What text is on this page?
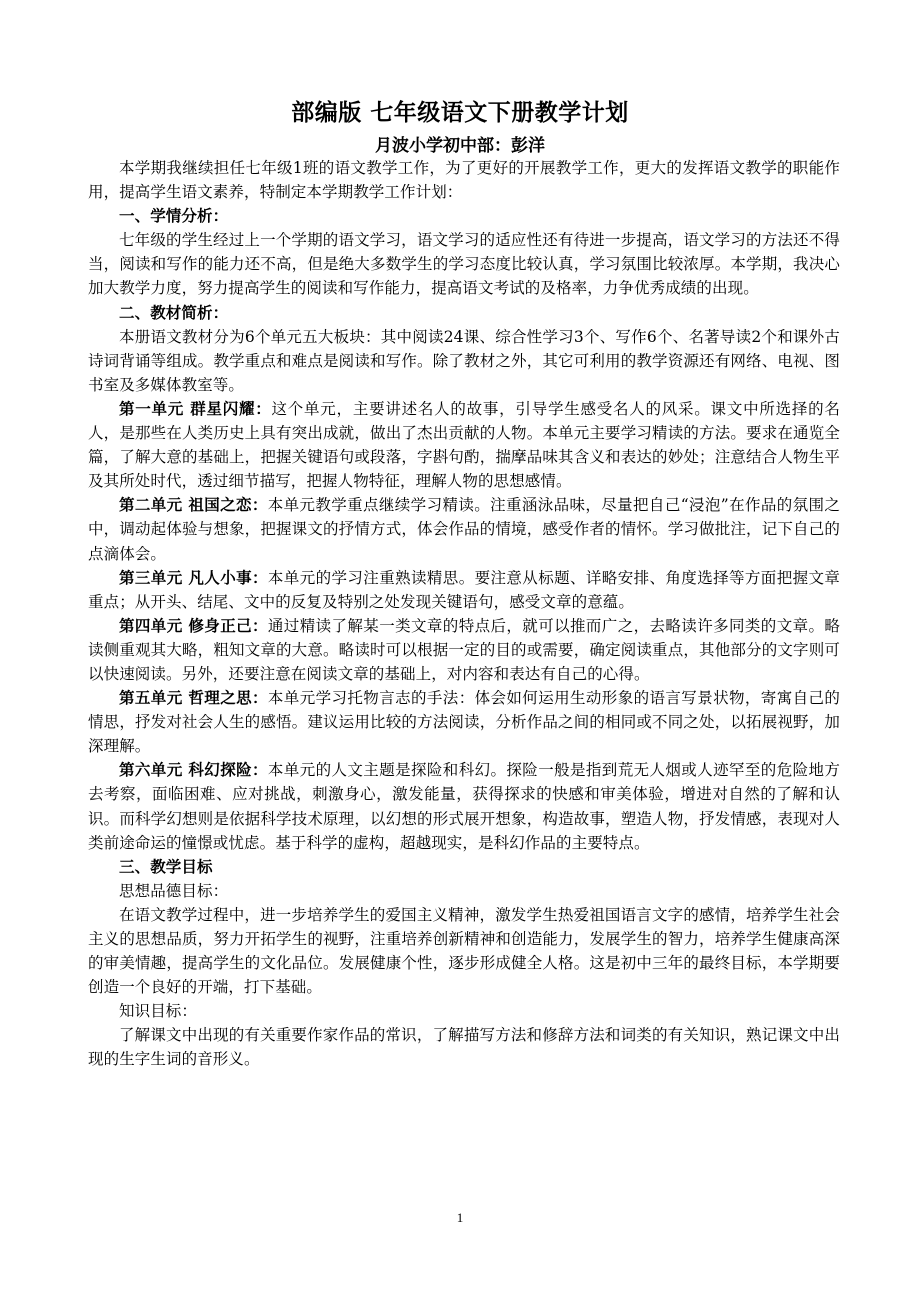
部编版 七年级语文下册教学计划
月波小学初中部：彭洋

本学期我继续担任七年级1班的语文教学工作，为了更好的开展教学工作，更大的发挥语文教学的职能作用，提高学生语文素养，特制定本学期教学工作计划：

一、学情分析：

七年级的学生经过上一个学期的语文学习，语文学习的适应性还有待进一步提高，语文学习的方法还不得当，阅读和写作的能力还不高，但是绝大多数学生的学习态度比较认真，学习氛围比较浓厚。本学期，我决心加大教学力度，努力提高学生的阅读和写作能力，提高语文考试的及格率，力争优秀成绩的出现。

二、教材简析：

本册语文教材分为6个单元五大板块：其中阅读24课、综合性学习3个、写作6个、名著导读2个和课外古诗词背诵等组成。教学重点和难点是阅读和写作。除了教材之外，其它可利用的教学资源还有网络、电视、图书室及多媒体教室等。

第一单元 群星闪耀：这个单元，主要讲述名人的故事，引导学生感受名人的风采。课文中所选择的名人，是那些在人类历史上具有突出成就，做出了杰出贡献的人物。本单元主要学习精读的方法。要求在通览全篇，了解大意的基础上，把握关键语句或段落，字斟句酌，揣摩品味其含义和表达的妙处；注意结合人物生平及其所处时代，透过细节描写，把握人物特征，理解人物的思想感情。

第二单元 祖国之恋：本单元教学重点继续学习精读。注重涵泳品味，尽量把自己“浸泡”在作品的氛围之中，调动起体验与想象，把握课文的抒情方式，体会作品的情境，感受作者的情怀。学习做批注，记下自己的点滴体会。

第三单元 凡人小事：本单元的学习注重熟读精思。要注意从标题、详略安排、角度选择等方面把握文章重点；从开头、结尾、文中的反复及特别之处发现关键语句，感受文章的意蕴。

第四单元 修身正己：通过精读了解某一类文章的特点后，就可以推而广之，去略读许多同类的文章。略读侧重观其大略，粗知文章的大意。略读时可以根据一定的目的或需要，确定阅读重点，其他部分的文字则可以快速阅读。另外，还要注意在阅读文章的基础上，对内容和表达有自己的心得。

第五单元 哲理之思：本单元学习托物言志的手法：体会如何运用生动形象的语言写景状物，寄寓自己的情思，抒发对社会人生的感悟。建议运用比较的方法阅读，分析作品之间的相同或不同之处，以拓展视野，加深理解。

第六单元 科幻探险：本单元的人文主题是探险和科幻。探险一般是指到荒无人烟或人迹罕至的危险地方去考察，面临困难、应对挑战，刺激身心，激发能量，获得探求的快感和审美体验，增进对自然的了解和认识。而科学幻想则是依据科学技术原理，以幻想的形式展开想象，构造故事，塑造人物，抒发情感，表现对人类前途命运的憧憬或忧虑。基于科学的虚构，超越现实，是科幻作品的主要特点。

三、教学目标

思想品德目标：

在语文教学过程中，进一步培养学生的爱国主义精神，激发学生热爱祖国语言文字的感情，培养学生社会主义的思想品质，努力开拓学生的视野，注重培养创新精神和创造能力，发展学生的智力，培养学生健康高深的审美情趣，提高学生的文化品位。发展健康个性，逐步形成健全人格。这是初中三年的最终目标，本学期要创造一个良好的开端，打下基础。

知识目标：

了解课文中出现的有关重要作家作品的常识，了解描写方法和修辞方法和词类的有关知识，熟记课文中出现的生字生词的音形义。

1
